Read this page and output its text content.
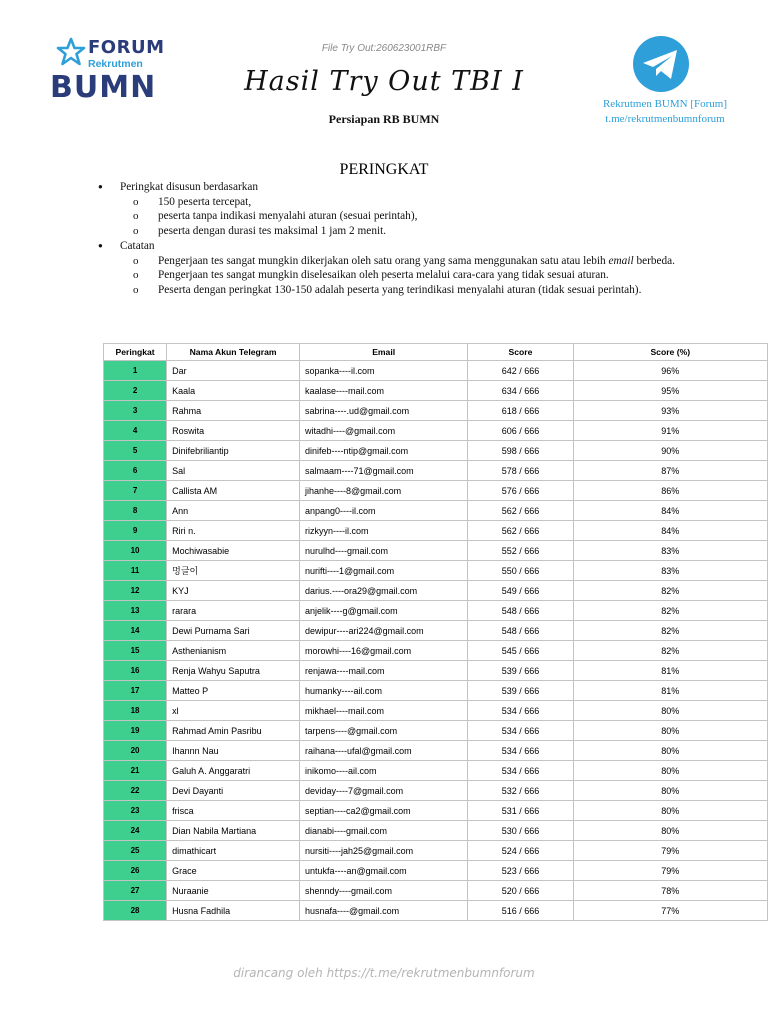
FORUM
Rekrutmen
BUMN
File Try Out:260623001RBF
Hasil Try Out TBI I
Persiapan RB BUMN
Rekrutmen BUMN [Forum]
t.me/rekrutmenbumnforum
PERINGKAT
● Peringkat disusun berdasarkan
o 150 peserta tercepat,
o peserta tanpa indikasi menyalahi aturan (sesuai perintah),
o peserta dengan durasi tes maksimal 1 jam 2 menit.
● Catatan
o Pengerjaan tes sangat mungkin dikerjakan oleh satu orang yang sama menggunakan satu atau lebih email berbeda.
o Pengerjaan tes sangat mungkin diselesaikan oleh peserta melalui cara-cara yang tidak sesuai aturan.
o Peserta dengan peringkat 130-150 adalah peserta yang terindikasi menyalahi aturan (tidak sesuai perintah).
Peringkat	Nama Akun Telegram	Email	Score	Score (%)
1	Dar	sopanka----il.com	642 / 666	96%
2	Kaala	kaalase----mail.com	634 / 666	95%
3	Rahma	sabrina----.ud@gmail.com	618 / 666	93%
4	Roswita	witadhi----@gmail.com	606 / 666	91%
5	Dinifebriliantip	dinifeb----ntip@gmail.com	598 / 666	90%
6	Sal	salmaam----71@gmail.com	578 / 666	87%
7	Callista AM	jihanhe----8@gmail.com	576 / 666	86%
8	Ann	anpang0----il.com	562 / 666	84%
9	Riri n.	rizkyyn----il.com	562 / 666	84%
10	Mochiwasabie	nurulhd----gmail.com	552 / 666	83%
11	멍글이	nurifti----1@gmail.com	550 / 666	83%
12	KYJ	darius.----ora29@gmail.com	549 / 666	82%
13	rarara	anjelik----g@gmail.com	548 / 666	82%
14	Dewi Purnama Sari	dewipur----ari224@gmail.com	548 / 666	82%
15	Asthenianism	morowhi----16@gmail.com	545 / 666	82%
16	Renja Wahyu Saputra	renjawa----mail.com	539 / 666	81%
17	Matteo P	humanky----ail.com	539 / 666	81%
18	xl	mikhael----mail.com	534 / 666	80%
19	Rahmad Amin Pasribu	tarpens----@gmail.com	534 / 666	80%
20	Ihannn Nau	raihana----ufal@gmail.com	534 / 666	80%
21	Galuh A. Anggaratri	inikomo----ail.com	534 / 666	80%
22	Devi Dayanti	deviday----7@gmail.com	532 / 666	80%
23	frisca	septian----ca2@gmail.com	531 / 666	80%
24	Dian Nabila Martiana	dianabi----gmail.com	530 / 666	80%
25	dimathicart	nursiti----jah25@gmail.com	524 / 666	79%
26	Grace	untukfa----an@gmail.com	523 / 666	79%
27	Nuraanie	shenndy----gmail.com	520 / 666	78%
28	Husna Fadhila	husnafa----@gmail.com	516 / 666	77%
dirancang oleh https://t.me/rekrutmenbumnforum
